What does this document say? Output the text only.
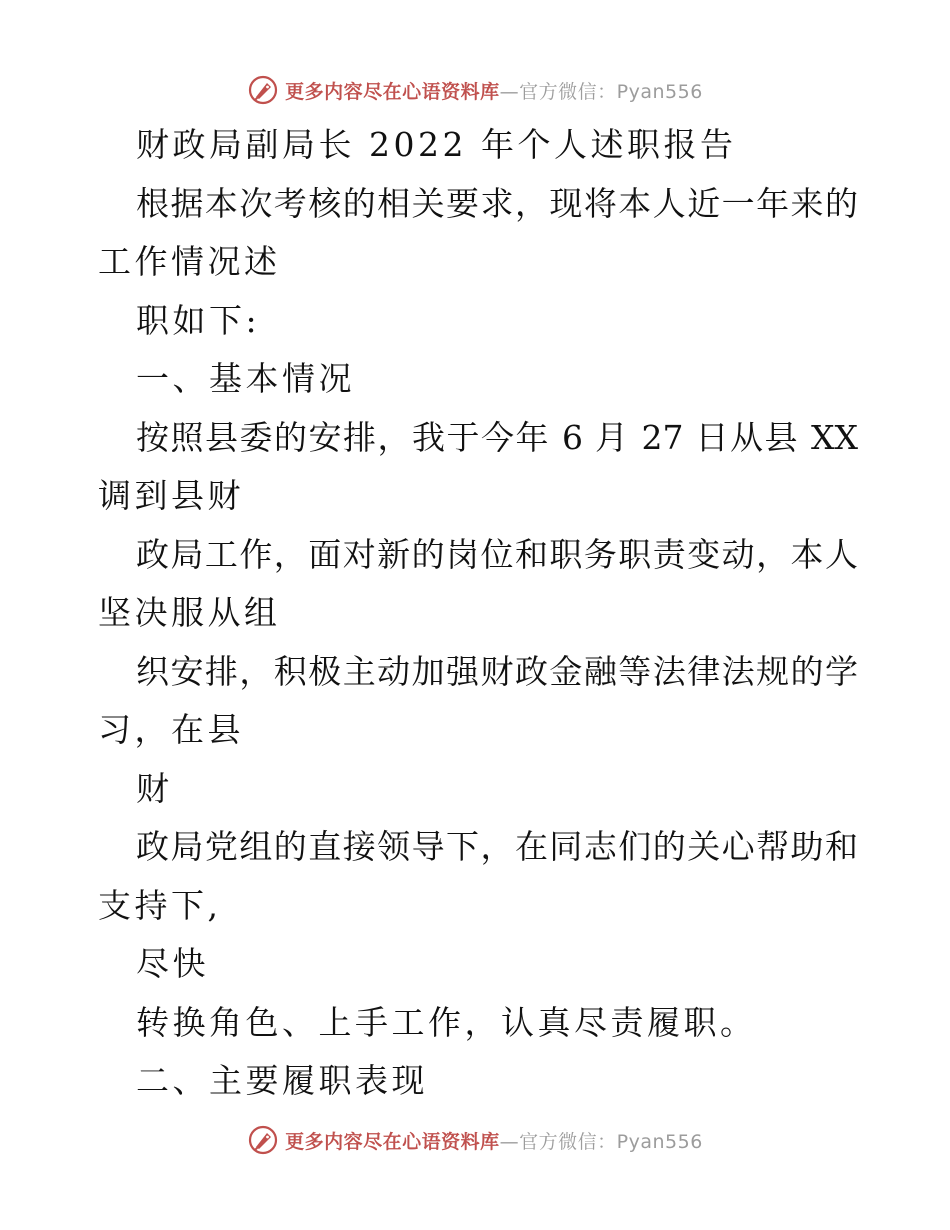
更多内容尽在心语资料库 —官方微信：Pyan556
财政局副局长 2022 年个人述职报告
根据本次考核的相关要求，现将本人近一年来的
工作情况述
职如下:
一、基本情况
按照县委的安排，我于今年 6 月 27 日从县 XX
调到县财
政局工作，面对新的岗位和职务职责变动，本人
坚决服从组
织安排，积极主动加强财政金融等法律法规的学
习，在县
财
政局党组的直接领导下，在同志们的关心帮助和
支持下,
尽快
转换角色、上手工作，认真尽责履职。
二、主要履职表现
更多内容尽在心语资料库 —官方微信：Pyan556
